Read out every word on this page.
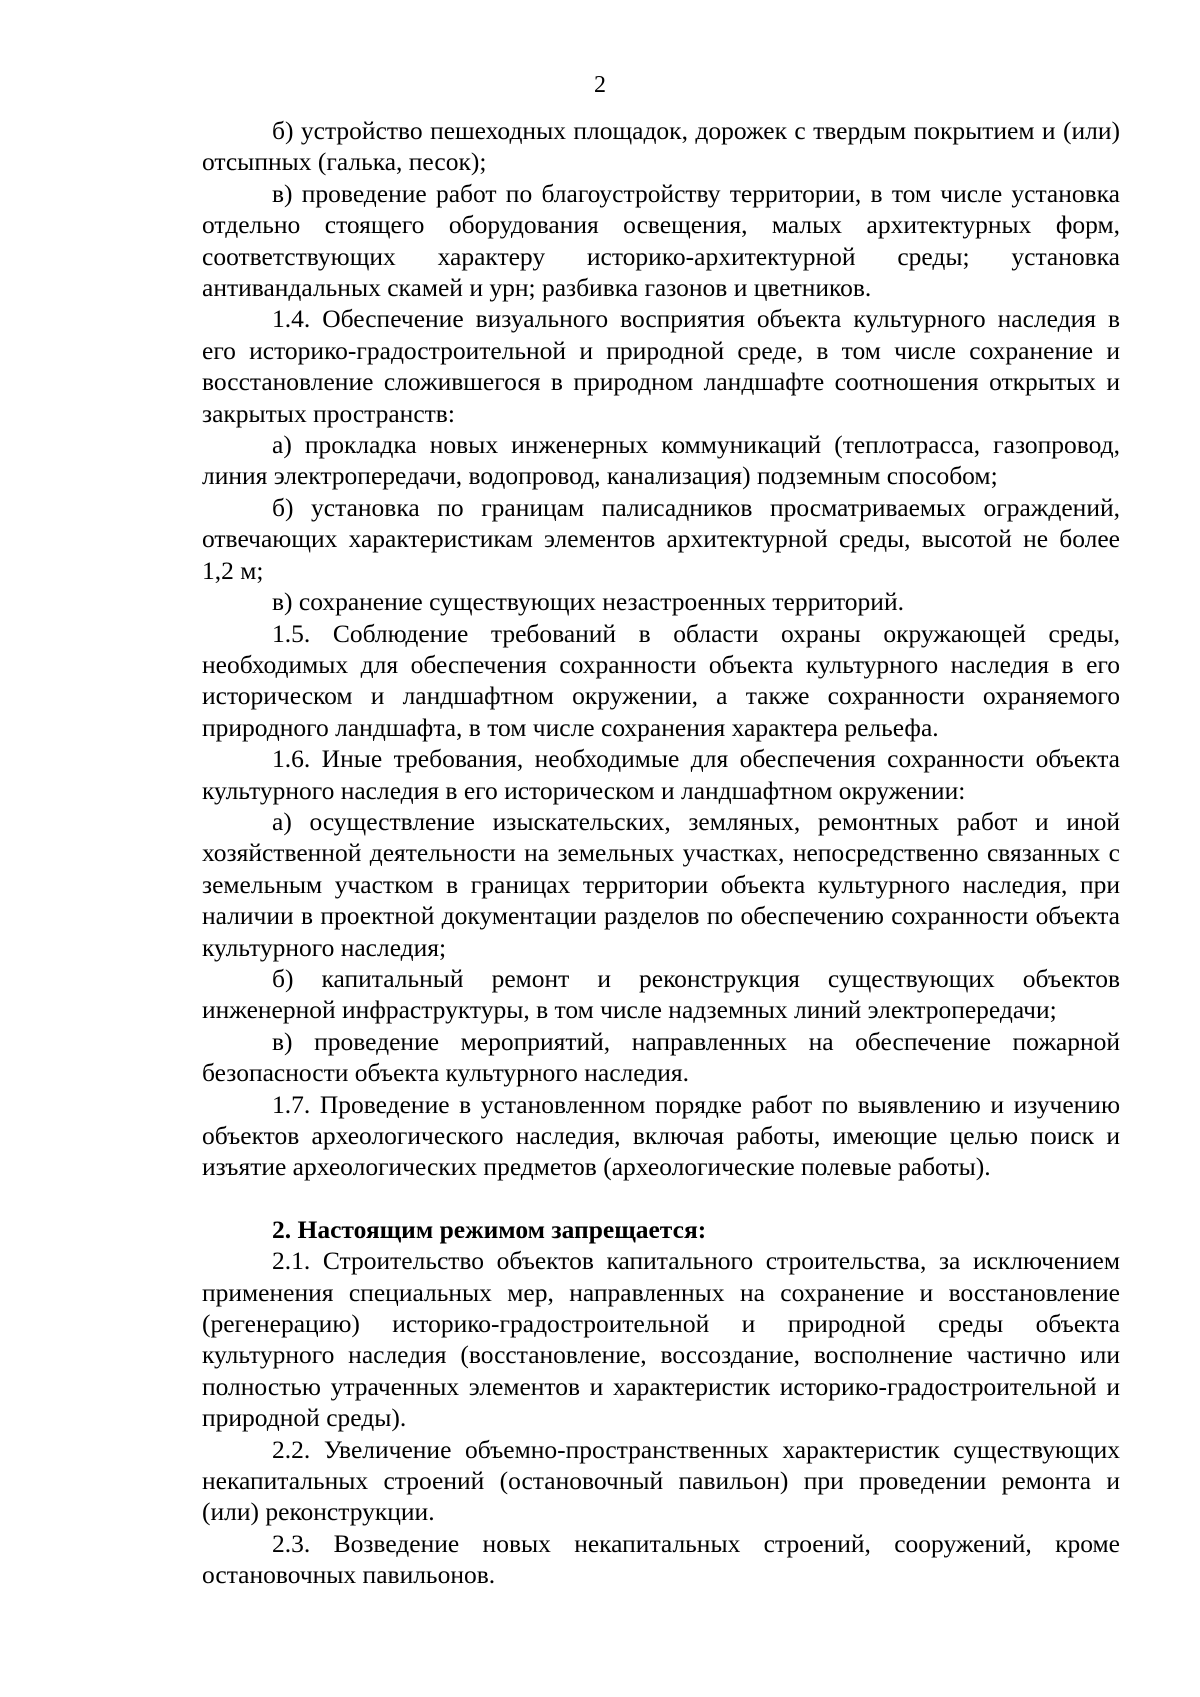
2

б) устройство пешеходных площадок, дорожек с твердым покрытием и (или) отсыпных (галька, песок);

в) проведение работ по благоустройству территории, в том числе установка отдельно стоящего оборудования освещения, малых архитектурных форм, соответствующих характеру историко-архитектурной среды; установка антивандальных скамей и урн; разбивка газонов и цветников.

1.4. Обеспечение визуального восприятия объекта культурного наследия в его историко-градостроительной и природной среде, в том числе сохранение и восстановление сложившегося в природном ландшафте соотношения открытых и закрытых пространств:

а) прокладка новых инженерных коммуникаций (теплотрасса, газопровод, линия электропередачи, водопровод, канализация) подземным способом;

б) установка по границам палисадников просматриваемых ограждений, отвечающих характеристикам элементов архитектурной среды, высотой не более 1,2 м;

в) сохранение существующих незастроенных территорий.

1.5. Соблюдение требований в области охраны окружающей среды, необходимых для обеспечения сохранности объекта культурного наследия в его историческом и ландшафтном окружении, а также сохранности охраняемого природного ландшафта, в том числе сохранения характера рельефа.

1.6. Иные требования, необходимые для обеспечения сохранности объекта культурного наследия в его историческом и ландшафтном окружении:

а) осуществление изыскательских, земляных, ремонтных работ и иной хозяйственной деятельности на земельных участках, непосредственно связанных с земельным участком в границах территории объекта культурного наследия, при наличии в проектной документации разделов по обеспечению сохранности объекта культурного наследия;

б) капитальный ремонт и реконструкция существующих объектов инженерной инфраструктуры, в том числе надземных линий электропередачи;

в) проведение мероприятий, направленных на обеспечение пожарной безопасности объекта культурного наследия.

1.7. Проведение в установленном порядке работ по выявлению и изучению объектов археологического наследия, включая работы, имеющие целью поиск и изъятие археологических предметов (археологические полевые работы).

2. Настоящим режимом запрещается:

2.1. Строительство объектов капитального строительства, за исключением применения специальных мер, направленных на сохранение и восстановление (регенерацию) историко-градостроительной и природной среды объекта культурного наследия (восстановление, воссоздание, восполнение частично или полностью утраченных элементов и характеристик историко-градостроительной и природной среды).

2.2. Увеличение объемно-пространственных характеристик существующих некапитальных строений (остановочный павильон) при проведении ремонта и (или) реконструкции.

2.3. Возведение новых некапитальных строений, сооружений, кроме остановочных павильонов.
